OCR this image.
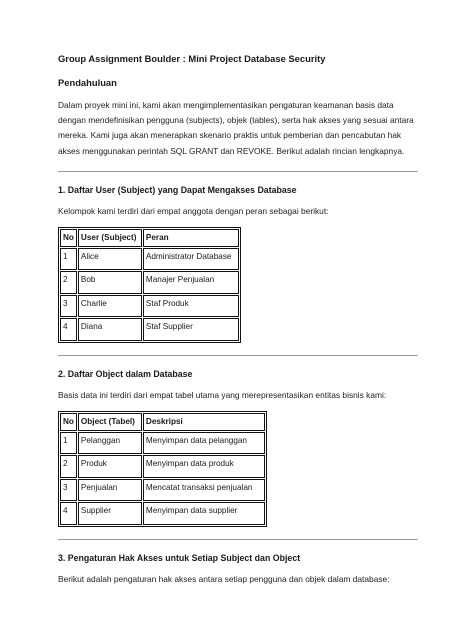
Group Assignment Boulder : Mini Project Database Security

Pendahuluan

Dalam proyek mini ini, kami akan mengimplementasikan pengaturan keamanan basis data dengan mendefinisikan pengguna (subjects), objek (tables), serta hak akses yang sesuai antara mereka. Kami juga akan menerapkan skenario praktis untuk pemberian dan pencabutan hak akses menggunakan perintah SQL GRANT dan REVOKE. Berikut adalah rincian lengkapnya.

1. Daftar User (Subject) yang Dapat Mengakses Database

Kelompok kami terdiri dari empat anggota dengan peran sebagai berikut:

No	User (Subject)	Peran
1	Alice	Administrator Database
2	Bob	Manajer Penjualan
3	Charlie	Staf Produk
4	Diana	Staf Supplier

2. Daftar Object dalam Database

Basis data ini terdiri dari empat tabel utama yang merepresentasikan entitas bisnis kami:

No	Object (Tabel)	Deskripsi
1	Pelanggan	Menyimpan data pelanggan
2	Produk	Menyimpan data produk
3	Penjualan	Mencatat transaksi penjualan
4	Supplier	Menyimpan data supplier

3. Pengaturan Hak Akses untuk Setiap Subject dan Object

Berikut adalah pengaturan hak akses antara setiap pengguna dan objek dalam database:
